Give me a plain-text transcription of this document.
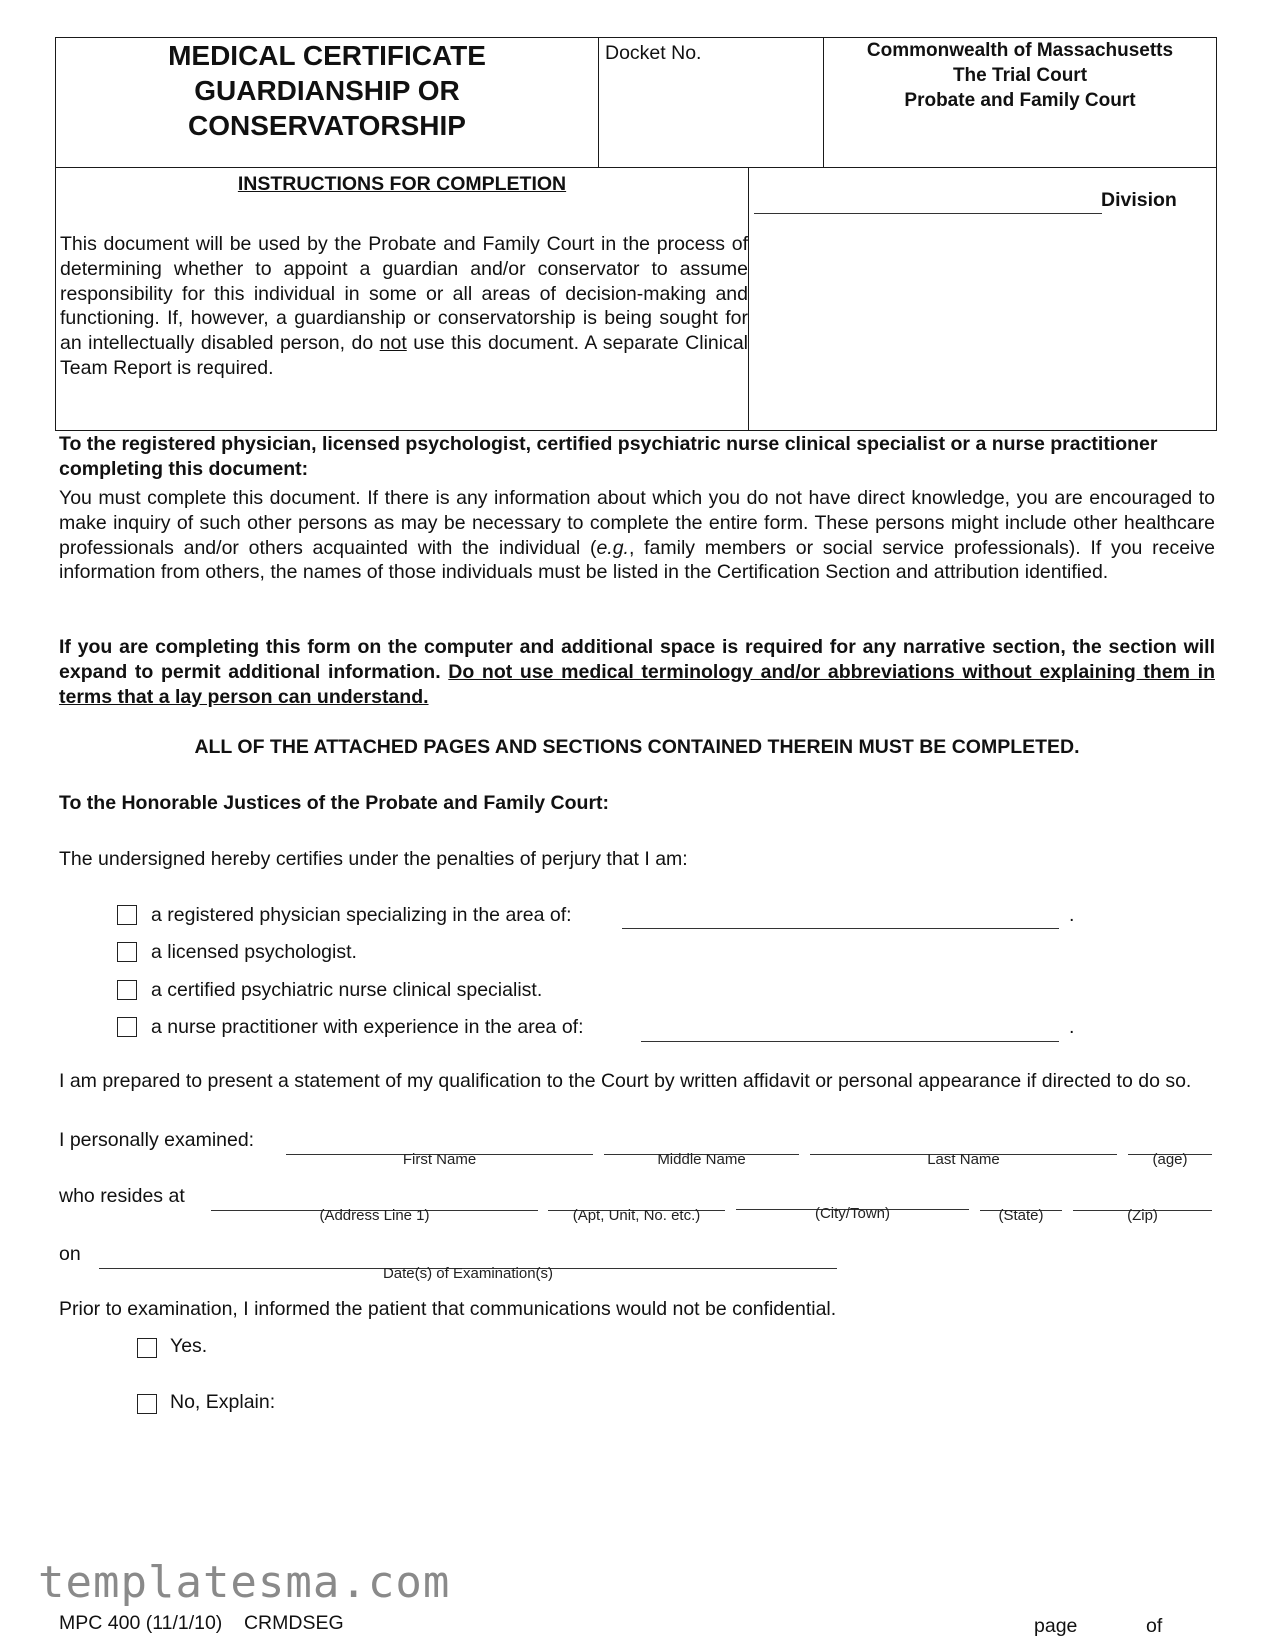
MEDICAL CERTIFICATE
GUARDIANSHIP OR
CONSERVATORSHIP
Docket No.	Commonwealth of Massachusetts
The Trial Court
Probate and Family Court
INSTRUCTIONS FOR COMPLETION
This document will be used by the Probate and Family Court in the process of determining whether to appoint a guardian and/or conservator to assume responsibility for this individual in some or all areas of decision-making and functioning. If, however, a guardianship or conservatorship is being sought for an intellectually disabled person, do not use this document. A separate Clinical Team Report is required.
Division
To the registered physician, licensed psychologist, certified psychiatric nurse clinical specialist or a nurse practitioner completing this document:
You must complete this document. If there is any information about which you do not have direct knowledge, you are encouraged to make inquiry of such other persons as may be necessary to complete the entire form. These persons might include other healthcare professionals and/or others acquainted with the individual (e.g., family members or social service professionals). If you receive information from others, the names of those individuals must be listed in the Certification Section and attribution identified.
If you are completing this form on the computer and additional space is required for any narrative section, the section will expand to permit additional information. Do not use medical terminology and/or abbreviations without explaining them in terms that a lay person can understand.
ALL OF THE ATTACHED PAGES AND SECTIONS CONTAINED THEREIN MUST BE COMPLETED.
To the Honorable Justices of the Probate and Family Court:
The undersigned hereby certifies under the penalties of perjury that I am:
a registered physician specializing in the area of:	.
a licensed psychologist.
a certified psychiatric nurse clinical specialist.
a nurse practitioner with experience in the area of:	.
I am prepared to present a statement of my qualification to the Court by written affidavit or personal appearance if directed to do so.
I personally examined:
First Name	Middle Name	Last Name	(age)
who resides at
(Address Line 1)	(Apt, Unit, No. etc.)	(City/Town)	(State)	(Zip)
on
Date(s) of Examination(s)
Prior to examination, I informed the patient that communications would not be confidential.
Yes.
No, Explain:
templatesma.com
MPC 400 (11/1/10)    CRMDSEG	page	of
